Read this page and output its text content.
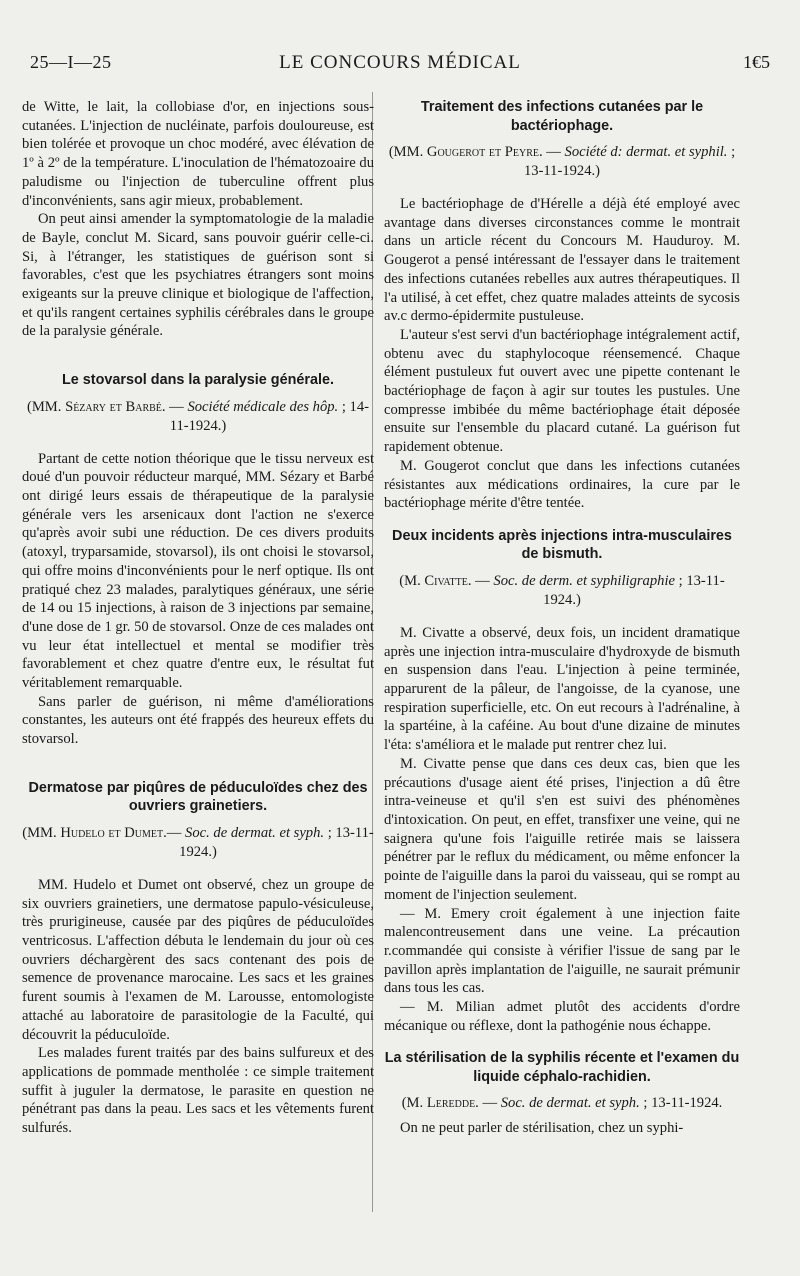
25—I—25	LE CONCOURS MÉDICAL	1€5

de Witte, le lait, la collobiase d'or, en injections sous-cutanées. L'injection de nucléinate, parfois douloureuse, est bien tolérée et provoque un choc modéré, avec élévation de 1º à 2º de la température. L'inoculation de l'hématozoaire du paludisme ou l'injection de tuberculine offrent plus d'inconvénients, sans agir mieux, probablement.

On peut ainsi amender la symptomatologie de la maladie de Bayle, conclut M. Sicard, sans pouvoir guérir celle-ci. Si, à l'étranger, les statistiques de guérison sont si favorables, c'est que les psychiatres étrangers sont moins exigeants sur la preuve clinique et biologique de l'affection, et qu'ils rangent certaines syphilis cérébrales dans le groupe de la paralysie générale.

Le stovarsol dans la paralysie générale.
(MM. Sézary et Barbé. — Société médicale des hôp. ; 14-11-1924.)

Partant de cette notion théorique que le tissu nerveux est doué d'un pouvoir réducteur marqué, MM. Sézary et Barbé ont dirigé leurs essais de thérapeutique de la paralysie générale vers les arsenicaux dont l'action ne s'exerce qu'après avoir subi une réduction. De ces divers produits (atoxyl, tryparsamide, stovarsol), ils ont choisi le stovarsol, qui offre moins d'inconvénients pour le nerf optique. Ils ont pratiqué chez 23 malades, paralytiques généraux, une série de 14 ou 15 injections, à raison de 3 injections par semaine, d'une dose de 1 gr. 50 de stovarsol. Onze de ces malades ont vu leur état intellectuel et mental se modifier très favorablement et chez quatre d'entre eux, le résultat fut véritablement remarquable.

Sans parler de guérison, ni même d'améliorations constantes, les auteurs ont été frappés des heureux effets du stovarsol.

Dermatose par piqûres de péduculoïdes chez des ouvriers grainetiers.
(MM. Hudelo et Dumet.— Soc. de dermat. et syph. ; 13-11-1924.)

MM. Hudelo et Dumet ont observé, chez un groupe de six ouvriers grainetiers, une dermatose papulo-vésiculeuse, très prurigineuse, causée par des piqûres de péduculoïdes ventricosus. L'affection débuta le lendemain du jour où ces ouvriers déchargèrent des sacs contenant des pois de semence de provenance marocaine. Les sacs et les graines furent soumis à l'examen de M. Larousse, entomologiste attaché au laboratoire de parasitologie de la Faculté, qui découvrit la péduculoïde.

Les malades furent traités par des bains sulfureux et des applications de pommade mentholée : ce simple traitement suffit à juguler la dermatose, le parasite en question ne pénétrant pas dans la peau. Les sacs et les vêtements furent sulfurés.

Traitement des infections cutanées par le bactériophage.
(MM. Gougerot et Peyre. — Société d: dermat. et syphil. ; 13-11-1924.)

Le bactériophage de d'Hérelle a déjà été employé avec avantage dans diverses circonstances comme le montrait dans un article récent du Concours M. Hauduroy. M. Gougerot a pensé intéressant de l'essayer dans le traitement des infections cutanées rebelles aux autres thérapeutiques. Il l'a utilisé, à cet effet, chez quatre malades atteints de sycosis av.c dermo-épidermite pustuleuse.

L'auteur s'est servi d'un bactériophage intégralement actif, obtenu avec du staphylocoque réensemencé. Chaque élément pustuleux fut ouvert avec une pipette contenant le bactériophage de façon à agir sur toutes les pustules. Une compresse imbibée du même bactériophage était déposée ensuite sur l'ensemble du placard cutané. La guérison fut rapidement obtenue.

M. Gougerot conclut que dans les infections cutanées résistantes aux médications ordinaires, la cure par le bactériophage mérite d'être tentée.

Deux incidents après injections intra-musculaires de bismuth.
(M. Civatte. — Soc. de derm. et syphiligraphie ; 13-11-1924.)

M. Civatte a observé, deux fois, un incident dramatique après une injection intra-musculaire d'hydroxyde de bismuth en suspension dans l'eau. L'injection à peine terminée, apparurent de la pâleur, de l'angoisse, de la cyanose, une respiration superficielle, etc. On eut recours à l'adrénaline, à la spartéine, à la caféine. Au bout d'une dizaine de minutes l'éta: s'améliora et le malade put rentrer chez lui.

M. Civatte pense que dans ces deux cas, bien que les précautions d'usage aient été prises, l'injection a dû être intra-veineuse et qu'il s'en est suivi des phénomènes d'intoxication. On peut, en effet, transfixer une veine, qui ne saignera qu'une fois l'aiguille retirée mais se laissera pénétrer par le reflux du médicament, ou même enfoncer la pointe de l'aiguille dans la paroi du vaisseau, qui se rompt au moment de l'injection seulement.

— M. Emery croit également à une injection faite malencontreusement dans une veine. La précaution r.commandée qui consiste à vérifier l'issue de sang par le pavillon après implantation de l'aiguille, ne saurait prémunir dans tous les cas.

— M. Milian admet plutôt des accidents d'ordre mécanique ou réflexe, dont la pathogénie nous échappe.

La stérilisation de la syphilis récente et l'examen du liquide céphalo-rachidien.
(M. Leredde. — Soc. de dermat. et syph. ; 13-11-1924.

On ne peut parler de stérilisation, chez un syphi-
